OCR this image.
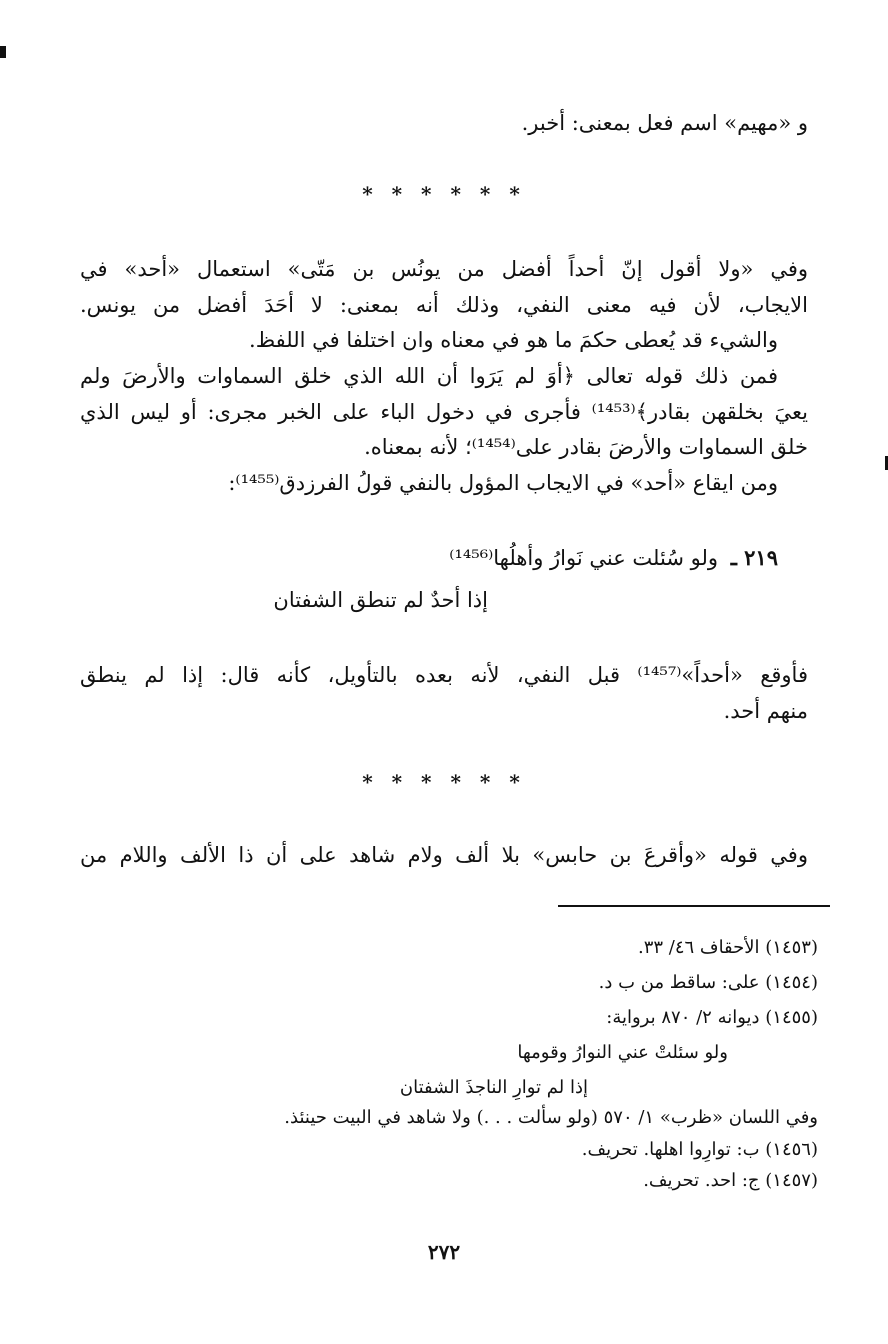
و «مهيم» اسم فعل بمعنى: أخبر.
* * * * * *
وفي «ولا أقول إنّ أحداً أفضل من يونُس بن مَتّى» استعمال «أحد» في
الايجاب، لأن فيه معنى النفي، وذلك أنه بمعنى: لا أحَدَ أفضل من يونس.
والشيء قد يُعطى حكمَ ما هو في معناه وان اختلفا في اللفظ.
فمن ذلك قوله تعالى ﴿أوَ لم يَرَوا أن الله الذي خلق السماوات والأرضَ ولم
يعيَ بخلقهن بقادر﴾⁽¹⁴⁵³⁾ فأجرى في دخول الباء على الخبر مجرى: أو ليس الذي
خلق السماوات والأرضَ بقادر على⁽¹⁴⁵⁴⁾؛ لأنه بمعناه.
ومن ايقاع «أحد» في الايجاب المؤول بالنفي قولُ الفرزدق⁽¹⁴⁵⁵⁾:
٢١٩ ـ
ولو سُئلت عني نَوارُ وأهلُها⁽¹⁴⁵⁶⁾
إذا أحدٌ لم تنطق الشفتان
فأوقع «أحداً»⁽¹⁴⁵⁷⁾ قبل النفي، لأنه بعده بالتأويل، كأنه قال: إذا لم ينطق
منهم أحد.
* * * * * *
وفي قوله «وأقرعَ بن حابس» بلا ألف ولام شاهد على أن ذا الألف واللام من
(١٤٥٣) الأحقاف ٤٦/ ٣٣.
(١٤٥٤) على: ساقط من ب د.
(١٤٥٥) ديوانه ٢/ ٨٧٠ برواية:
ولو سئلتْ عني النوارُ وقومها
إذا لم توارِ الناجذَ الشفتان
وفي اللسان «ظرب» ١/ ٥٧٠ (ولو سألت . . .) ولا شاهد في البيت حينئذ.
(١٤٥٦) ب: توارِوا اهلها. تحريف.
(١٤٥٧) ج: احد. تحريف.
٢٧٢
